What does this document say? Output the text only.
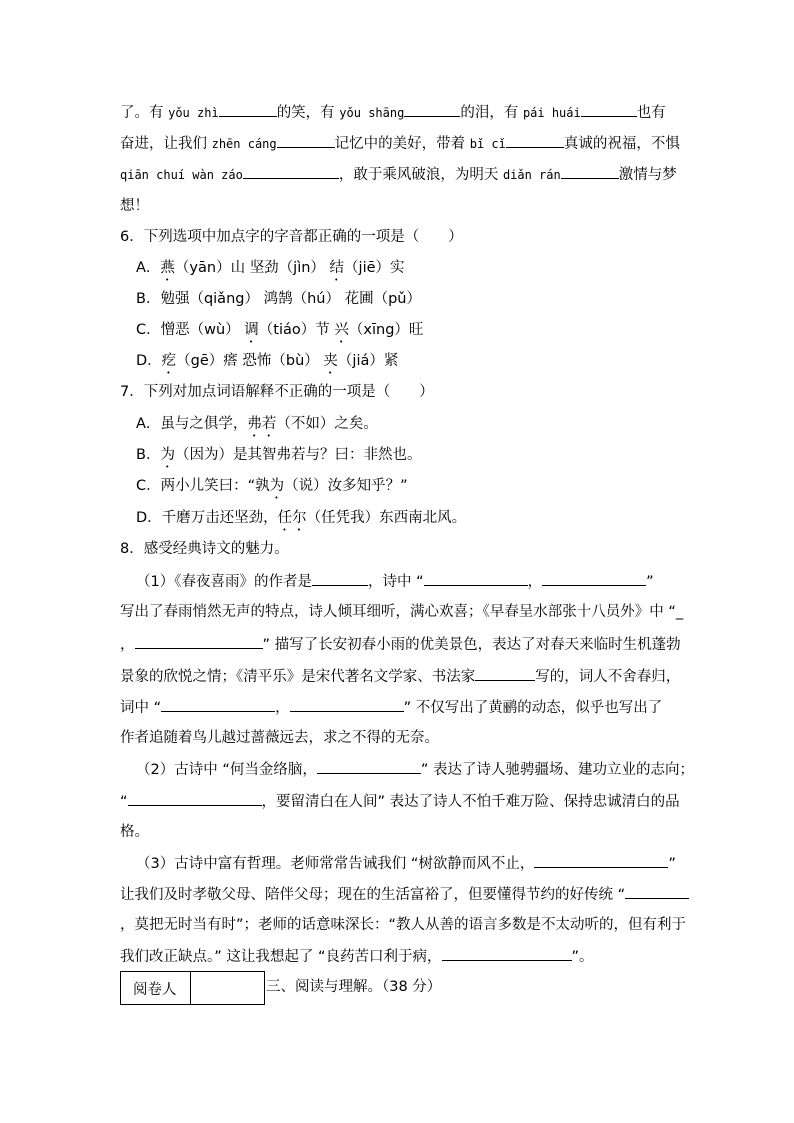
了。有 yǒu zhì	的笑，有 yǒu shāng	的泪，有 pái huái	也有
奋进，让我们 zhēn cáng	记忆中的美好，带着 bǐ cǐ	真诚的祝福，不惧
qiān chuí wàn záo	，敢于乘风破浪，为明天 diǎn rán	激情与梦
想！
6．下列选项中加点字的字音都正确的一项是（　　）
A．燕（yān）山 坚劲（jìn） 结（jiē）实
B．勉强（qiǎng） 鸿鹄（hú） 花圃（pǔ）
C．憎恶（wù） 调（tiáo）节 兴（xīng）旺
D．疙（gē）瘩 恐怖（bù） 夹（jiá）紧
7．下列对加点词语解释不正确的一项是（　　）
A．虽与之俱学，弗若（不如）之矣。
B．为（因为）是其智弗若与？曰：非然也。
C．两小儿笑曰：“孰为（说）汝多知乎？”
D．千磨万击还坚劲，任尔（任凭我）东西南北风。
8．感受经典诗文的魅力。
（1）《春夜喜雨》的作者是	，诗中 “	，	”
写出了春雨悄然无声的特点，诗人倾耳细听，满心欢喜；《早春呈水部张十八员外》中 “_
，	” 描写了长安初春小雨的优美景色，表达了对春天来临时生机蓬勃
景象的欣悦之情；《清平乐》是宋代著名文学家、书法家	写的，词人不舍春归，
词中 “	，	” 不仅写出了黄鹂的动态，似乎也写出了
作者追随着鸟儿越过蔷薇远去，求之不得的无奈。
（2）古诗中 “何当金络脑，	” 表达了诗人驰骋疆场、建功立业的志向；
“	，要留清白在人间” 表达了诗人不怕千难万险、保持忠诚清白的品
格。
（3）古诗中富有哲理。老师常常告诫我们 “树欲静而风不止，	”
让我们及时孝敬父母、陪伴父母；现在的生活富裕了，但要懂得节约的好传统 “
，莫把无时当有时”；老师的话意味深长：“教人从善的语言多数是不太动听的，但有利于
我们改正缺点。” 这让我想起了 “良药苦口利于病，	”。
阅卷人	三、阅读与理解。（38 分）
